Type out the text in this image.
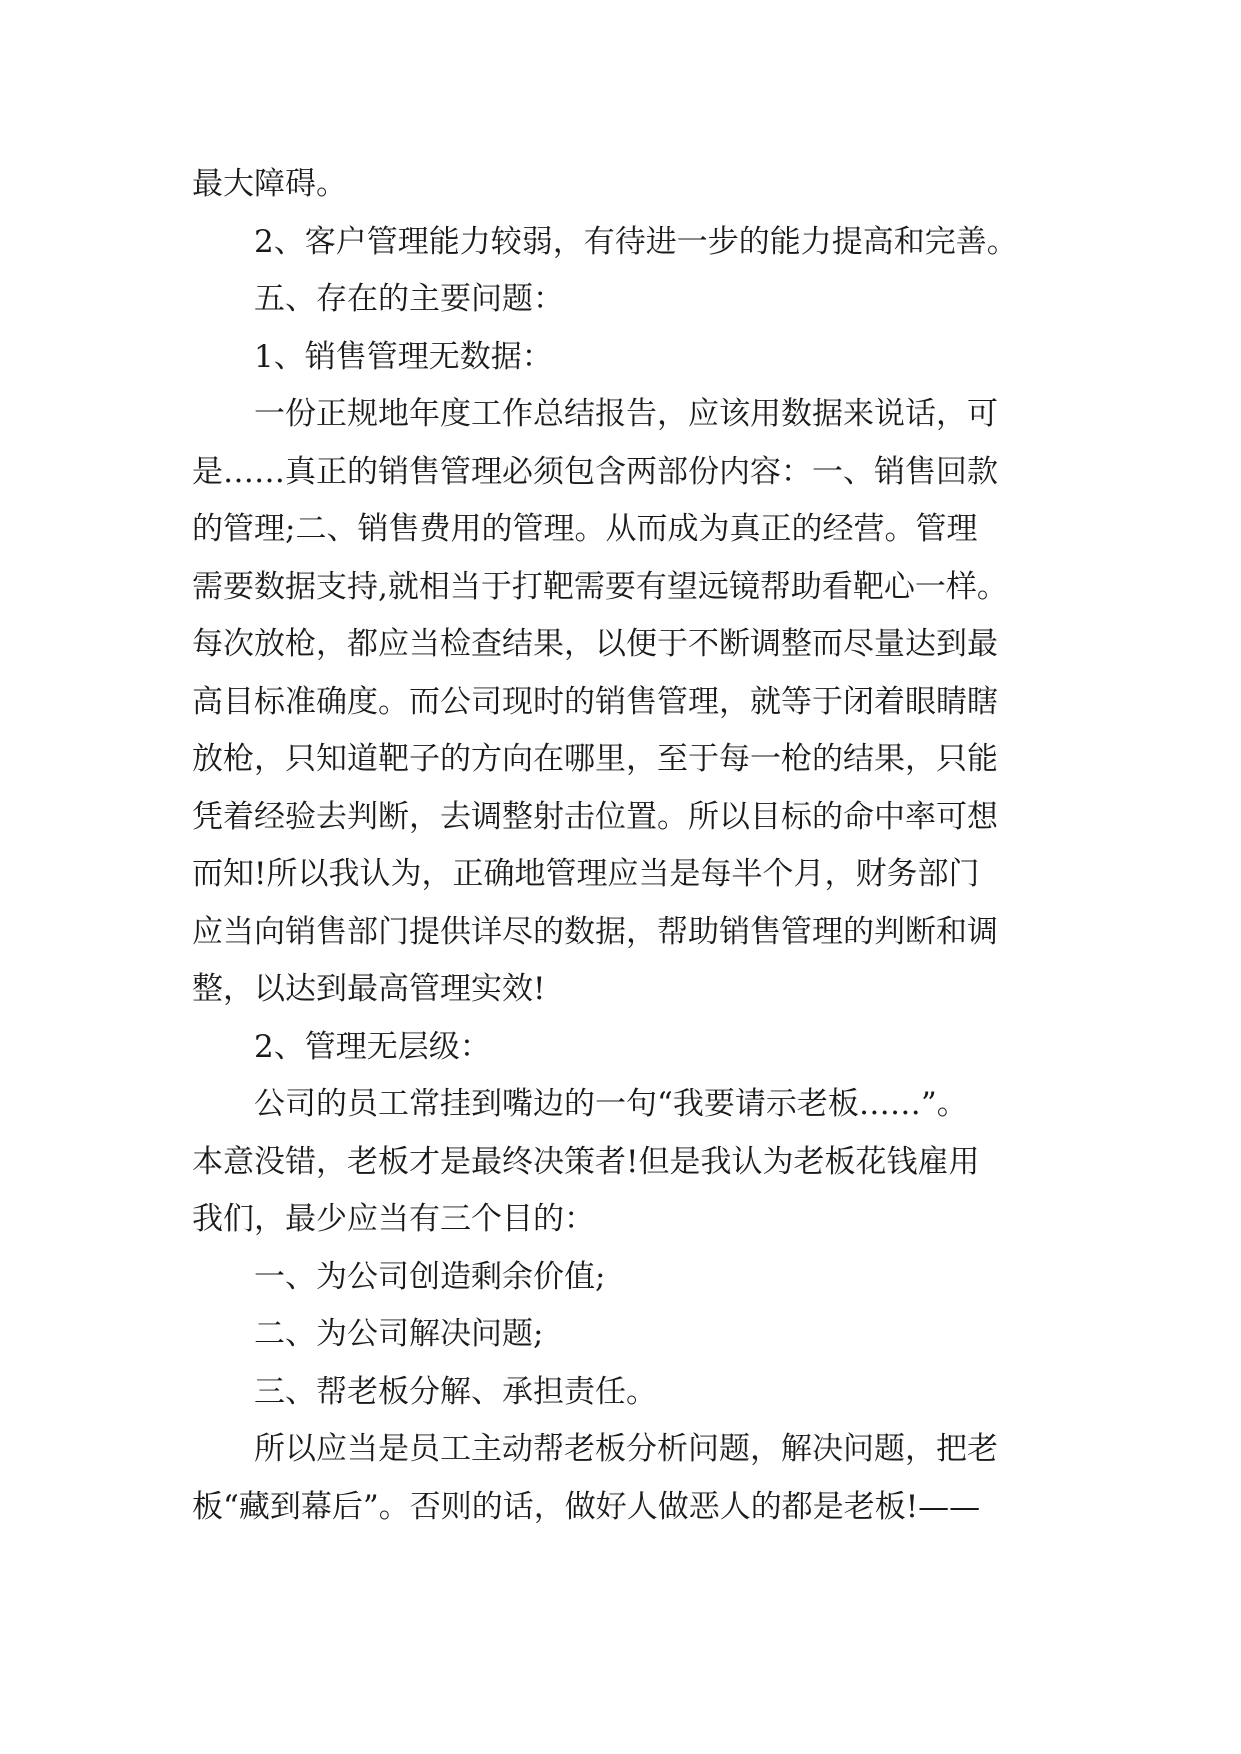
最大障碍。
2、客户管理能力较弱，有待进一步的能力提高和完善。
五、存在的主要问题：
1、销售管理无数据：
一份正规地年度工作总结报告，应该用数据来说话，可
是……真正的销售管理必须包含两部份内容：一、销售回款
的管理;二、销售费用的管理。从而成为真正的经营。管理
需要数据支持,就相当于打靶需要有望远镜帮助看靶心一样。
每次放枪，都应当检查结果，以便于不断调整而尽量达到最
高目标准确度。而公司现时的销售管理，就等于闭着眼睛瞎
放枪，只知道靶子的方向在哪里，至于每一枪的结果，只能
凭着经验去判断，去调整射击位置。所以目标的命中率可想
而知!所以我认为，正确地管理应当是每半个月，财务部门
应当向销售部门提供详尽的数据，帮助销售管理的判断和调
整，以达到最高管理实效!
2、管理无层级：
公司的员工常挂到嘴边的一句“我要请示老板……”。
本意没错，老板才是最终决策者!但是我认为老板花钱雇用
我们，最少应当有三个目的：
一、为公司创造剩余价值;
二、为公司解决问题;
三、帮老板分解、承担责任。
所以应当是员工主动帮老板分析问题，解决问题，把老
板“藏到幕后”。否则的话，做好人做恶人的都是老板!——
